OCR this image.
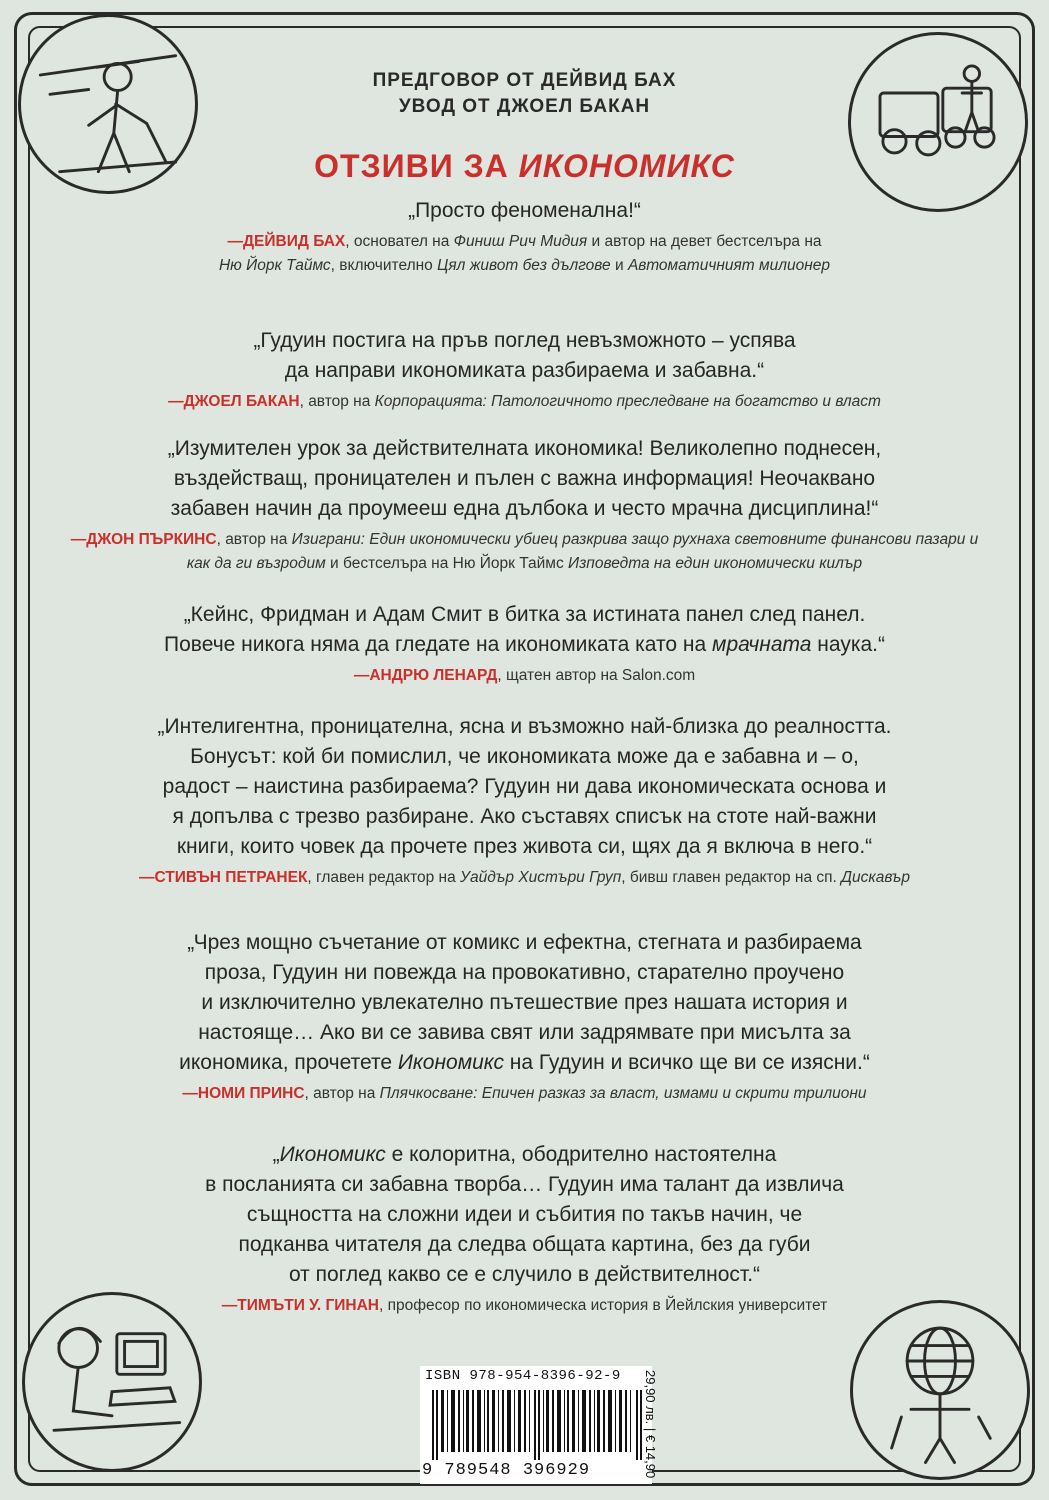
ПРЕДГОВОР ОТ ДЕЙВИД БАХ
УВОД ОТ ДЖОЕЛ БАКАН
ОТЗИВИ ЗА ИКОНОМИКС
„Просто феноменална!“
—ДЕЙВИД БАХ, основател на Финиш Рич Мидия и автор на девет бестселъра на
Ню Йорк Таймс, включително Цял живот без дългове и Автоматичният милионер
„Гудуин постига на пръв поглед невъзможното – успява
да направи икономиката разбираема и забавна.“
—ДЖОЕЛ БАКАН, автор на Корпорацията: Патологичното преследване на богатство и власт
„Изумителен урок за действителната икономика! Великолепно поднесен,
въздействащ, проницателен и пълен с важна информация! Неочаквано
забавен начин да проумееш една дълбока и често мрачна дисциплина!“
—ДЖОН ПЪРКИНС, автор на Изиграни: Един икономически убиец разкрива защо рухнаха световните финансови пазари и
как да ги възродим и бестселъра на Ню Йорк Таймс Изповедта на един икономически килър
„Кейнс, Фридман и Адам Смит в битка за истината панел след панел.
Повече никога няма да гледате на икономиката като на мрачната наука.“
—АНДРЮ ЛЕНАРД, щатен автор на Salon.com
„Интелигентна, проницателна, ясна и възможно най-близка до реалността.
Бонусът: кой би помислил, че икономиката може да е забавна и – о,
радост – наистина разбираема? Гудуин ни дава икономическата основа и
я допълва с трезво разбиране. Ако съставях списък на стоте най-важни
книги, които човек да прочете през живота си, щях да я включа в него.“
—СТИВЪН ПЕТРАНЕК, главен редактор на Уайдър Хистъри Груп, бивш главен редактор на сп. Дискавър
„Чрез мощно съчетание от комикс и ефектна, стегната и разбираема
проза, Гудуин ни повежда на провокативно, старателно проучено
и изключително увлекателно пътешествие през нашата история и
настояще… Ако ви се завива свят или задрямвате при мисълта за
икономика, прочетете Икономикс на Гудуин и всичко ще ви се изясни.“
—НОМИ ПРИНС, автор на Плячкосване: Епичен разказ за власт, измами и скрити трилиони
„Икономикс е колоритна, ободрително настоятелна
в посланията си забавна творба… Гудуин има талант да извлича
същността на сложни идеи и събития по такъв начин, че
подканва читателя да следва общата картина, без да губи
от поглед какво се е случило в действителност.“
—ТИМЪТИ У. ГИНАН, професор по икономическа история в Йейлския университет
ISBN 978-954-8396-92-9
9 789548 396929	29,90 лв. | € 14,90
